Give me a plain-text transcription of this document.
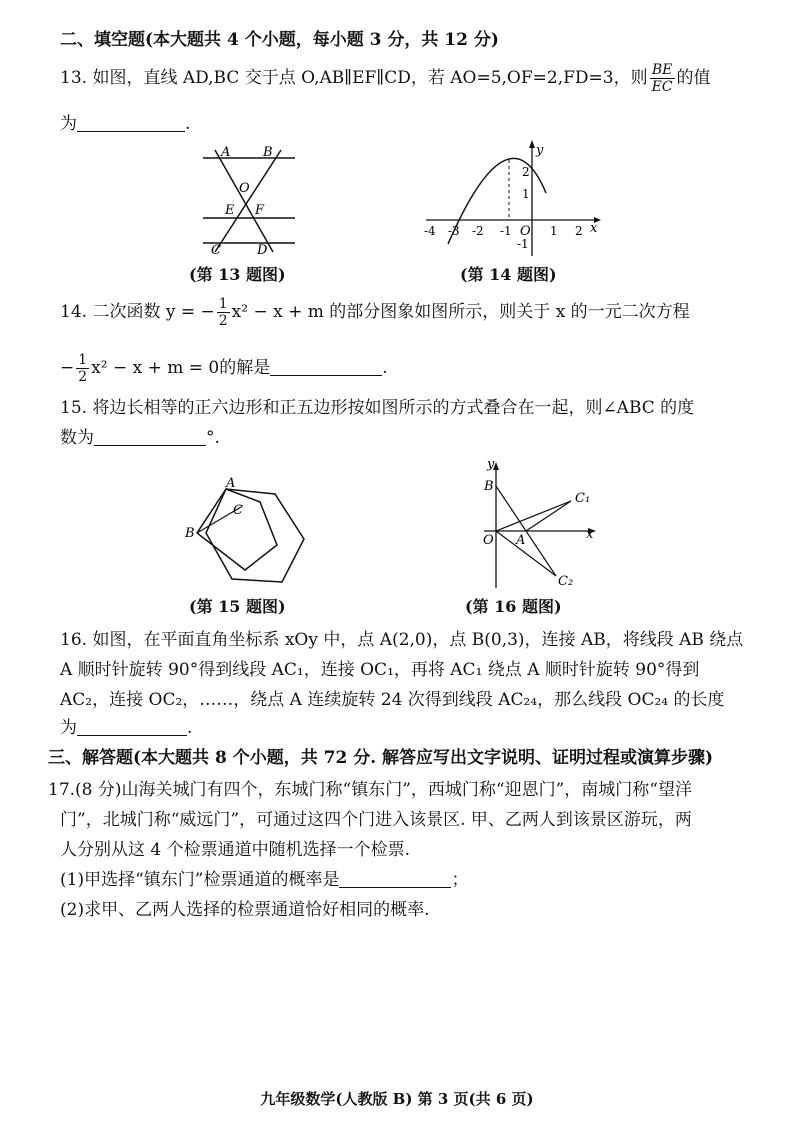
二、填空题(本大题共 4 个小题，每小题 3 分，共 12 分)
13. 如图，直线 AD,BC 交于点 O,AB∥EF∥CD，若 AO=5,OF=2,FD=3，则 $\frac{BE}{EC}$ 的值
为	.
A	B
O
E F
C	D
(第 13 题图)
x
y
-4 -3 -2 -1 O 1 2
2
1
-1
(第 14 题图)
14. 二次函数 y = − $\frac{1}{2} x^2 - x + m$ 的部分图象如图所示，则关于 x 的一元二次方程
− $\frac{1}{2} x^2 - x + m = 0$的解是	.
15. 将边长相等的正六边形和正五边形按如图所示的方式叠合在一起，则∠ABC 的度
数为	°.
A
C
B
(第 15 题图)
y
B
C₁
O A	x
C₂
(第 16 题图)
16. 如图，在平面直角坐标系 xOy 中，点 A(2,0)，点 B(0,3)，连接 AB，将线段 AB 绕点
A 顺时针旋转 90°得到线段 AC₁，连接 OC₁，再将 AC₁ 绕点 A 顺时针旋转 90°得到
AC₂，连接 OC₂，……，绕点 A 连续旋转 24 次得到线段 AC₂₄，那么线段 OC₂₄ 的长度
为	.
三、解答题(本大题共 8 个小题，共 72 分. 解答应写出文字说明、证明过程或演算步骤)
17.(8 分)山海关城门有四个，东城门称“镇东门”，西城门称“迎恩门”，南城门称“望洋
门”，北城门称“威远门”，可通过这四个门进入该景区. 甲、乙两人到该景区游玩，两
人分别从这 4 个检票通道中随机选择一个检票.
(1)甲选择“镇东门”检票通道的概率是	；
(2)求甲、乙两人选择的检票通道恰好相同的概率.
九年级数学(人教版 B) 第 3 页(共 6 页)
